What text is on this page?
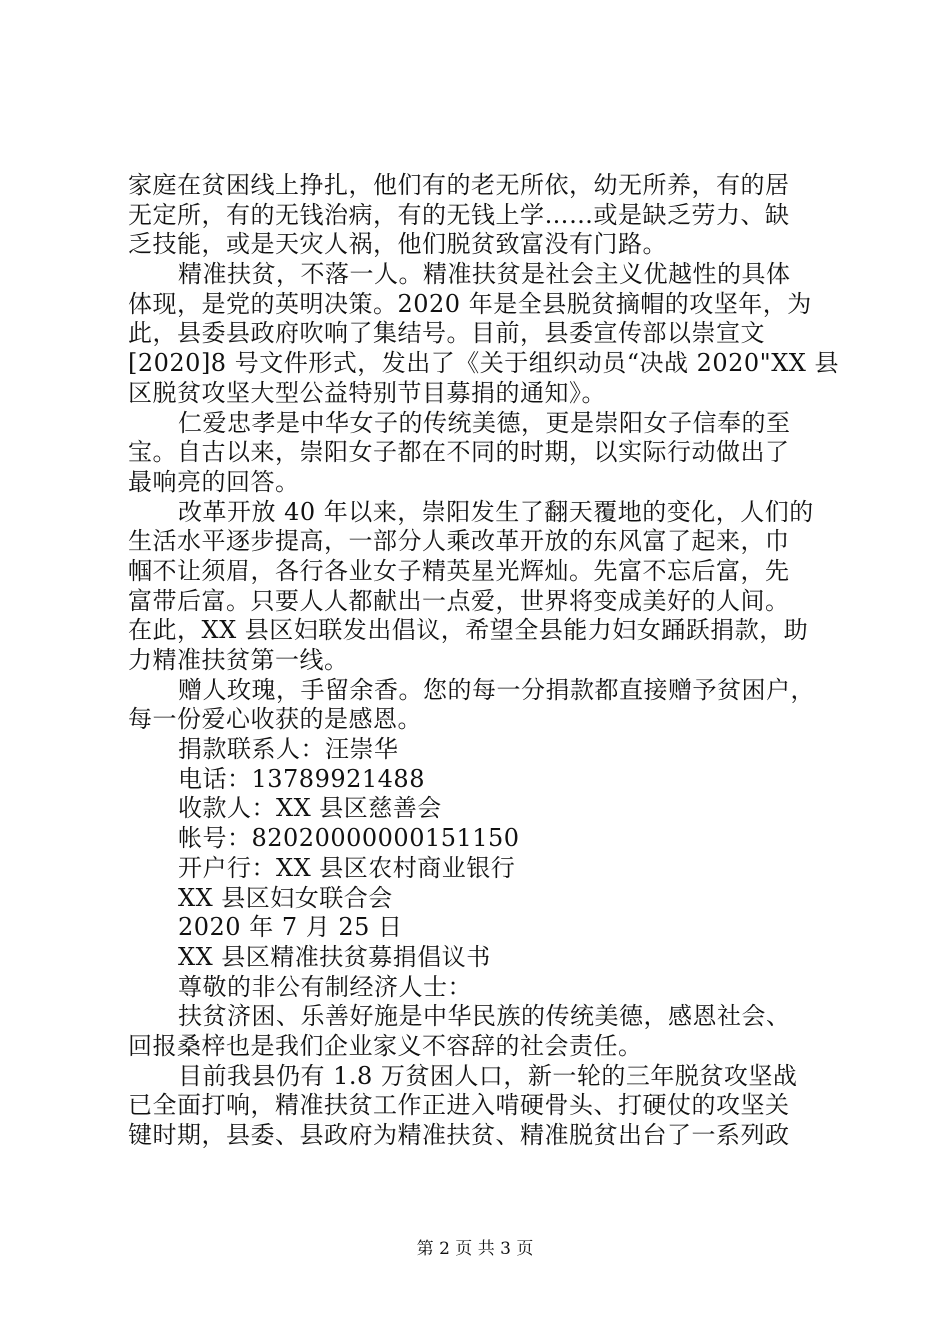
家庭在贫困线上挣扎，他们有的老无所依，幼无所养，有的居
无定所，有的无钱治病，有的无钱上学……或是缺乏劳力、缺
乏技能，或是天灾人祸，他们脱贫致富没有门路。
精准扶贫，不落一人。精准扶贫是社会主义优越性的具体
体现，是党的英明决策。2020 年是全县脱贫摘帽的攻坚年，为
此，县委县政府吹响了集结号。目前，县委宣传部以崇宣文
[2020]8 号文件形式，发出了《关于组织动员“决战 2020"XX 县
区脱贫攻坚大型公益特别节目募捐的通知》。
仁爱忠孝是中华女子的传统美德，更是崇阳女子信奉的至
宝。自古以来，崇阳女子都在不同的时期，以实际行动做出了
最响亮的回答。
改革开放 40 年以来，崇阳发生了翻天覆地的变化，人们的
生活水平逐步提高，一部分人乘改革开放的东风富了起来，巾
帼不让须眉，各行各业女子精英星光辉灿。先富不忘后富，先
富带后富。只要人人都献出一点爱，世界将变成美好的人间。
在此，XX 县区妇联发出倡议，希望全县能力妇女踊跃捐款，助
力精准扶贫第一线。
赠人玫瑰，手留余香。您的每一分捐款都直接赠予贫困户，
每一份爱心收获的是感恩。
捐款联系人：汪崇华
电话：13789921488
收款人：XX 县区慈善会
帐号：82020000000151150
开户行：XX 县区农村商业银行
XX 县区妇女联合会
2020 年 7 月 25 日
XX 县区精准扶贫募捐倡议书
尊敬的非公有制经济人士：
扶贫济困、乐善好施是中华民族的传统美德，感恩社会、
回报桑梓也是我们企业家义不容辞的社会责任。
目前我县仍有 1.8 万贫困人口，新一轮的三年脱贫攻坚战
已全面打响，精准扶贫工作正进入啃硬骨头、打硬仗的攻坚关
键时期，县委、县政府为精准扶贫、精准脱贫出台了一系列政
第 2 页 共 3 页
